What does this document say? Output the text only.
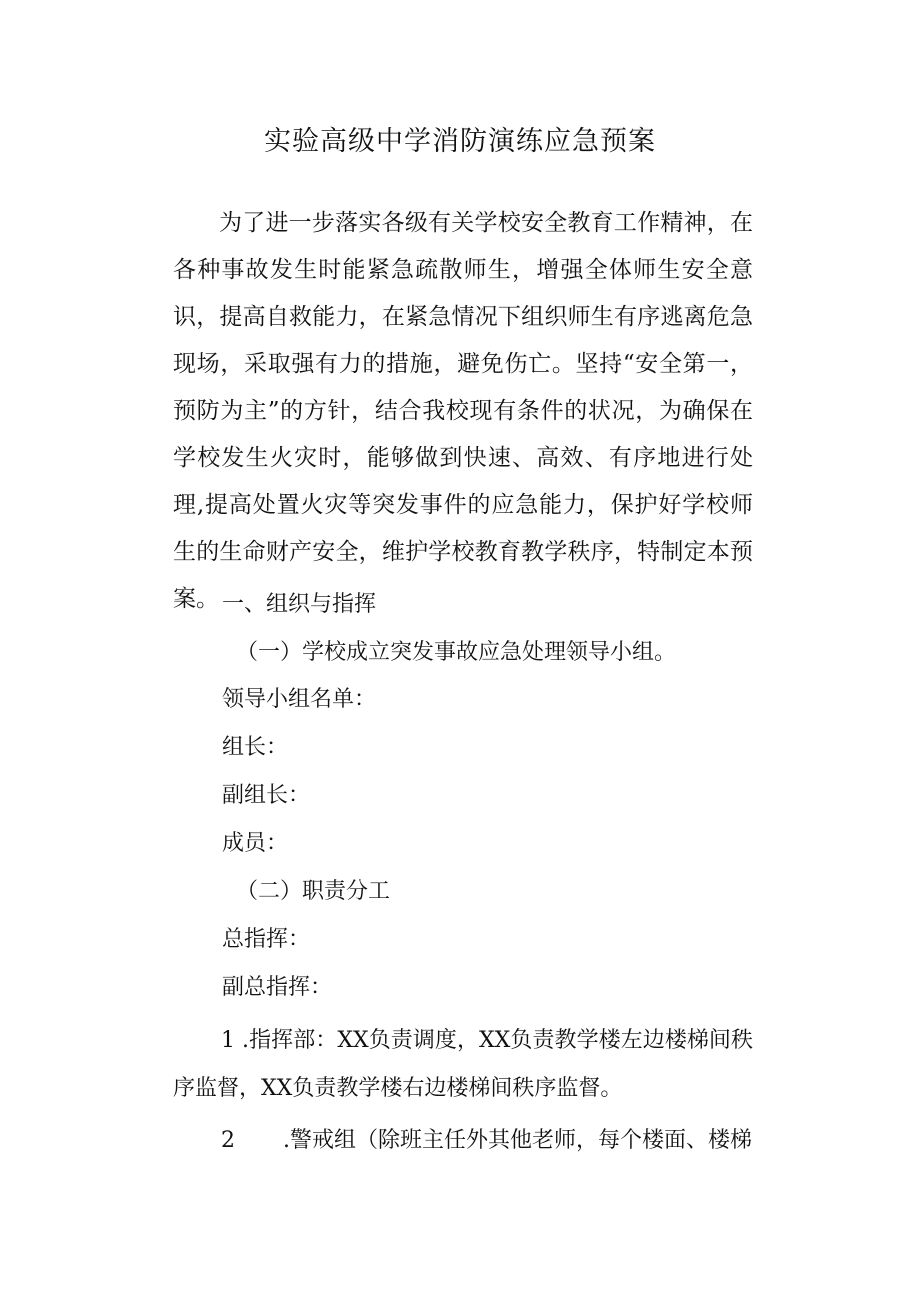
实验高级中学消防演练应急预案

为了进一步落实各级有关学校安全教育工作精神，在各种事故发生时能紧急疏散师生，增强全体师生安全意识，提高自救能力，在紧急情况下组织师生有序逃离危急现场，采取强有力的措施，避免伤亡。坚持“安全第一，预防为主”的方针，结合我校现有条件的状况，为确保在学校发生火灾时，能够做到快速、高效、有序地进行处理,提高处置火灾等突发事件的应急能力，保护好学校师生的生命财产安全，维护学校教育教学秩序，特制定本预案。 一、组织与指挥

（一）学校成立突发事故应急处理领导小组。

领导小组名单：

组长：

副组长：

成员：

（二）职责分工

总指挥：

副总指挥：

1 .指挥部：XX负责调度，XX负责教学楼左边楼梯间秩序监督，XX负责教学楼右边楼梯间秩序监督。

2 .警戒组（除班主任外其他老师，每个楼面、楼梯
